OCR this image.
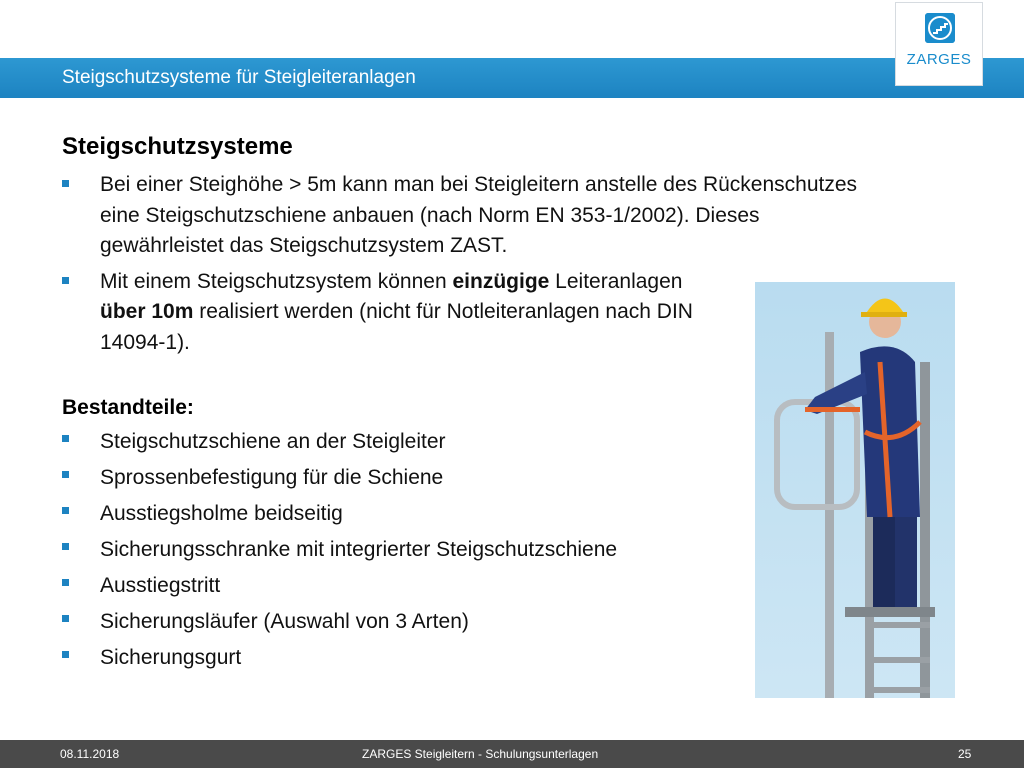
Steigschutzsysteme für Steigleiteranlagen
ZARGES
Steigschutzsysteme
Bei einer Steighöhe > 5m kann man bei Steigleitern anstelle des Rückenschutzes eine Steigschutzschiene anbauen (nach Norm EN 353-1/2002). Dieses gewährleistet das Steigschutzsystem ZAST.
Mit einem Steigschutzsystem können einzügige Leiteranlagen über 10m realisiert werden (nicht für Notleiteranlagen nach DIN 14094-1).
Bestandteile:
Steigschutzschiene an der Steigleiter
Sprossenbefestigung für die Schiene
Ausstiegsholme beidseitig
Sicherungsschranke mit integrierter Steigschutzschiene
Ausstiegstritt
Sicherungsläufer (Auswahl von 3 Arten)
Sicherungsgurt
08.11.2018	ZARGES Steigleitern - Schulungsunterlagen	25
